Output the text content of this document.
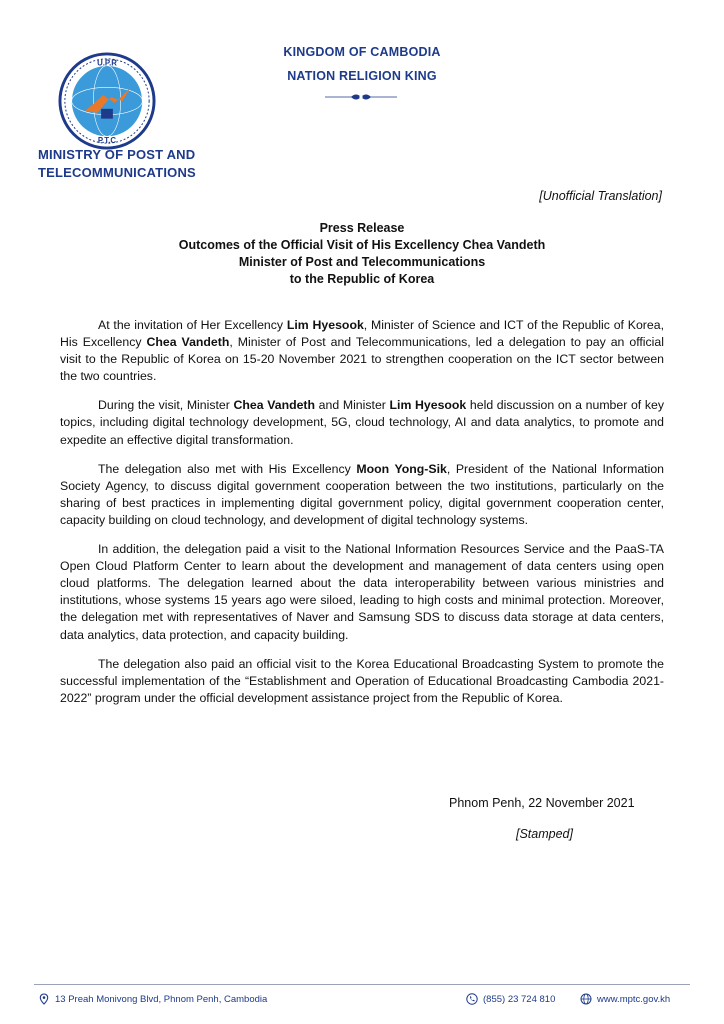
U.P.R
P.T.C
MINISTRY OF POST AND
TELECOMMUNICATIONS
KINGDOM OF CAMBODIA
NATION RELIGION KING
[Unofficial Translation]
Press Release
Outcomes of the Official Visit of His Excellency Chea Vandeth
Minister of Post and Telecommunications
to the Republic of Korea

At the invitation of Her Excellency Lim Hyesook, Minister of Science and ICT of the Republic of Korea, His Excellency Chea Vandeth, Minister of Post and Telecommunications, led a delegation to pay an official visit to the Republic of Korea on 15-20 November 2021 to strengthen cooperation on the ICT sector between the two countries.

During the visit, Minister Chea Vandeth and Minister Lim Hyesook held discussion on a number of key topics, including digital technology development, 5G, cloud technology, AI and data analytics, to promote and expedite an effective digital transformation.

The delegation also met with His Excellency Moon Yong-Sik, President of the National Information Society Agency, to discuss digital government cooperation between the two institutions, particularly on the sharing of best practices in implementing digital government policy, digital government cooperation center, capacity building on cloud technology, and development of digital technology systems.

In addition, the delegation paid a visit to the National Information Resources Service and the PaaS-TA Open Cloud Platform Center to learn about the development and management of data centers using open cloud platforms. The delegation learned about the data interoperability between various ministries and institutions, whose systems 15 years ago were siloed, leading to high costs and minimal protection. Moreover, the delegation met with representatives of Naver and Samsung SDS to discuss data storage at data centers, data analytics, data protection, and capacity building.

The delegation also paid an official visit to the Korea Educational Broadcasting System to promote the successful implementation of the “Establishment and Operation of Educational Broadcasting Cambodia 2021-2022” program under the official development assistance project from the Republic of Korea.

Phnom Penh, 22 November 2021
[Stamped]
13 Preah Monivong Blvd, Phnom Penh, Cambodia	(855) 23 724 810	www.mptc.gov.kh
